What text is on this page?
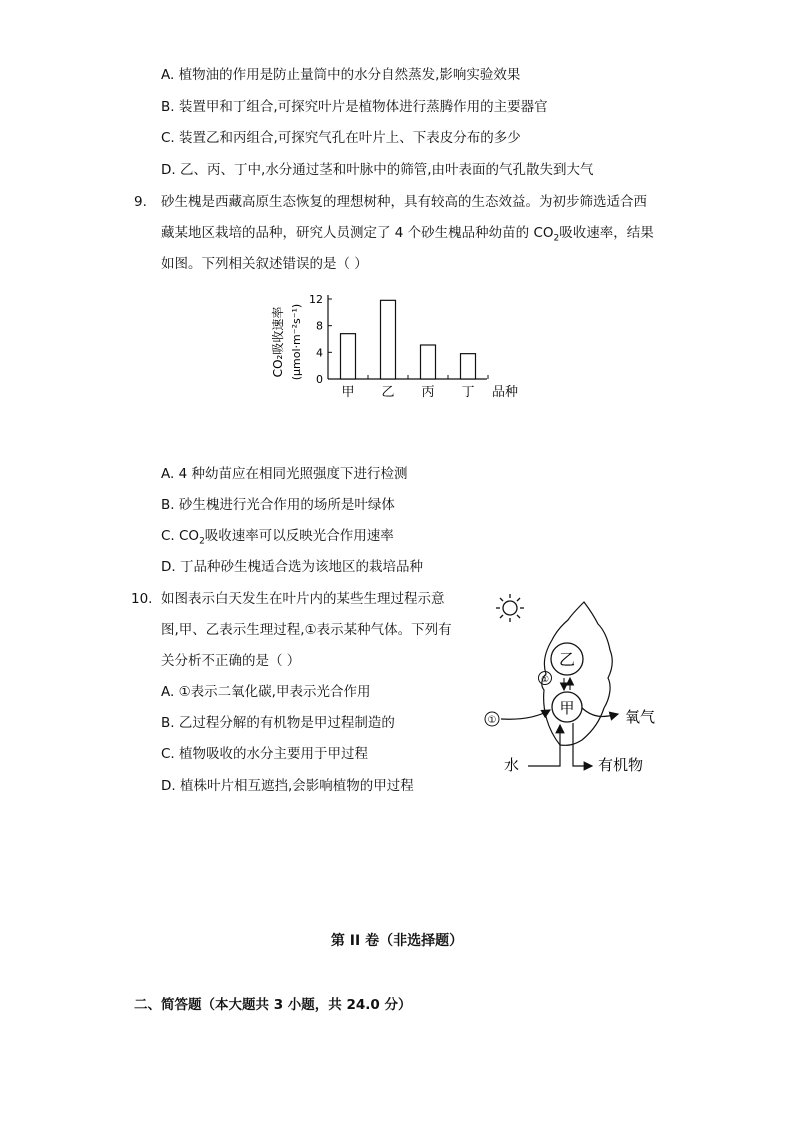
A. 植物油的作用是防止量筒中的水分自然蒸发,影响实验效果
B. 装置甲和丁组合,可探究叶片是植物体进行蒸腾作用的主要器官
C. 装置乙和丙组合,可探究气孔在叶片上、下表皮分布的多少
D. 乙、丙、丁中,水分通过茎和叶脉中的筛管,由叶表面的气孔散失到大气
9. 砂生槐是西藏高原生态恢复的理想树种，具有较高的生态效益。为初步筛选适合西
藏某地区栽培的品种，研究人员测定了 4 个砂生槐品种幼苗的 $CO_2$吸收速率，结果
如图。下列相关叙述错误的是（ ）
0
4
8
12
甲 乙 丙 丁 品种
CO₂吸收速率 (μmol·m⁻²s⁻¹)
A. 4 种幼苗应在相同光照强度下进行检测
B. 砂生槐进行光合作用的场所是叶绿体
C. $CO_2$吸收速率可以反映光合作用速率
D. 丁品种砂生槐适合选为该地区的栽培品种
10. 如图表示白天发生在叶片内的某些生理过程示意
图,甲、乙表示生理过程,①表示某种气体。下列有
关分析不正确的是（ ）
A. ①表示二氧化碳,甲表示光合作用
B. 乙过程分解的有机物是甲过程制造的
C. 植物吸收的水分主要用于甲过程
D. 植株叶片相互遮挡,会影响植物的甲过程
乙
甲
①
①	氧气
水	有机物
第 II 卷（非选择题）
二、简答题（本大题共 3 小题，共 24.0 分）
